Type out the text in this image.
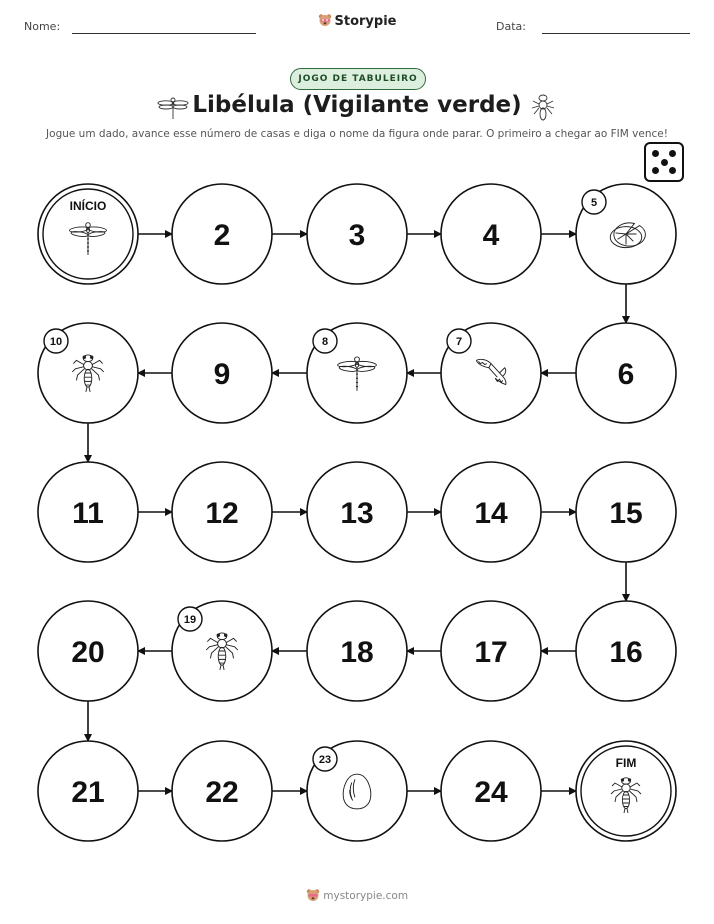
Nome:	Storypie	Data:
JOGO DE TABULEIRO
Libélula (Vigilante verde)
Jogue um dado, avance esse número de casas e diga o nome da figura onde parar. O primeiro a chegar ao FIM vence!
INÍCIO
2	3	4
5
6
7
8
9
10
11	12	13	14	15
16
17
18
19
20
21	22
23
24
FIM
mystorypie.com
